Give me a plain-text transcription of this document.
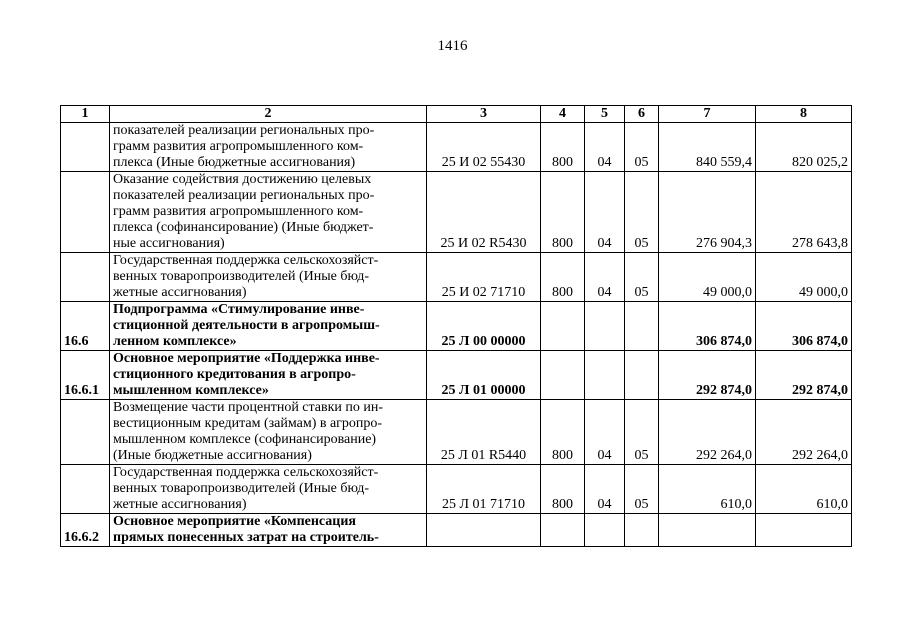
1416
1	2	3	4	5	6	7	8

	показателей реализации региональных про-
грамм развития агропромышленного ком-
плекса (Иные бюджетные ассигнования)	25 И 02 55430	800	04	05	840 559,4	820 025,2

	Оказание содействия достижению целевых
показателей реализации региональных про-
грамм развития агропромышленного ком-
плекса (софинансирование) (Иные бюджет-
ные ассигнования)	25 И 02 R5430	800	04	05	276 904,3	278 643,8

	Государственная поддержка сельскохозяйст-
венных товаропроизводителей (Иные бюд-
жетные ассигнования)	25 И 02 71710	800	04	05	49 000,0	49 000,0
16.6	Подпрограмма «Стимулирование инве-
стиционной деятельности в агропромыш-
ленном комплексе»	25 Л 00 00000				306 874,0	306 874,0
16.6.1	Основное мероприятие «Поддержка инве-
стиционного кредитования в агропро-
мышленном комплексе»	25 Л 01 00000				292 874,0	292 874,0

	Возмещение части процентной ставки по ин-
вестиционным кредитам (займам) в агропро-
мышленном комплексе (софинансирование)
(Иные бюджетные ассигнования)	25 Л 01 R5440	800	04	05	292 264,0	292 264,0

	Государственная поддержка сельскохозяйст-
венных товаропроизводителей (Иные бюд-
жетные ассигнования)	25 Л 01 71710	800	04	05	610,0	610,0
16.6.2	Основное мероприятие «Компенсация
прямых понесенных затрат на строитель-						
